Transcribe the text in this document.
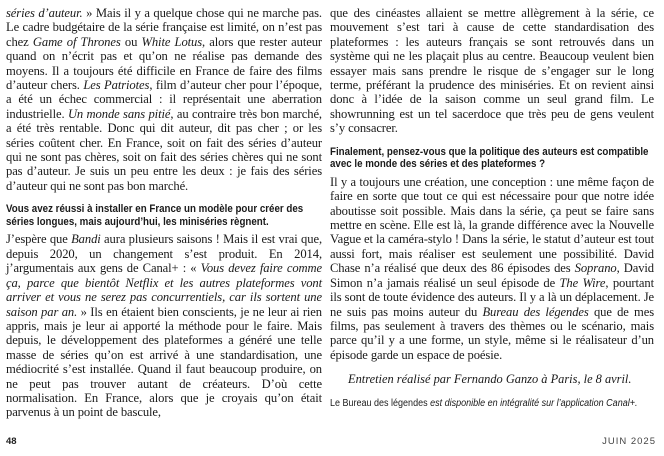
séries d’auteur. » Mais il y a quelque chose qui ne marche pas. Le cadre budgétaire de la série française est limité, on n’est pas chez Game of Thrones ou White Lotus, alors que rester auteur quand on n’écrit pas et qu’on ne réalise pas demande des moyens. Il a toujours été difficile en France de faire des films d’auteur chers. Les Patriotes, film d’auteur cher pour l’époque, a été un échec commercial : il représentait une aberration industrielle. Un monde sans pitié, au contraire très bon marché, a été très rentable. Donc qui dit auteur, dit pas cher ; or les séries coûtent cher. En France, soit on fait des séries d’auteur qui ne sont pas chères, soit on fait des séries chères qui ne sont pas d’auteur. Je suis un peu entre les deux : je fais des séries d’auteur qui ne sont pas bon marché.

Vous avez réussi à installer en France un modèle pour créer des séries longues, mais aujourd’hui, les miniséries règnent.

J’espère que Bandi aura plusieurs saisons ! Mais il est vrai que, depuis 2020, un changement s’est produit. En 2014, j’argumentais aux gens de Canal+ : « Vous devez faire comme ça, parce que bientôt Netflix et les autres plateformes vont arriver et vous ne serez pas concurrentiels, car ils sortent une saison par an. » Ils en étaient bien conscients, je ne leur ai rien appris, mais je leur ai apporté la méthode pour le faire. Mais depuis, le développement des plateformes a généré une telle masse de séries qu’on est arrivé à une standardisation, une médiocrité s’est installée. Quand il faut beaucoup produire, on ne peut pas trouver autant de créateurs. D’où cette normalisation. En France, alors que je croyais qu’on était parvenus à un point de bascule,

que des cinéastes allaient se mettre allègrement à la série, ce mouvement s’est tari à cause de cette standardisation des plateformes : les auteurs français se sont retrouvés dans un système qui ne les plaçait plus au centre. Beaucoup veulent bien essayer mais sans prendre le risque de s’engager sur le long terme, préférant la prudence des miniséries. Et on revient ainsi donc à l’idée de la saison comme un seul grand film. Le showrunning est un tel sacerdoce que très peu de gens veulent s’y consacrer.

Finalement, pensez-vous que la politique des auteurs est compatible avec le monde des séries et des plateformes ?

Il y a toujours une création, une conception : une même façon de faire en sorte que tout ce qui est nécessaire pour que notre idée aboutisse soit possible. Mais dans la série, ça peut se faire sans mettre en scène. Elle est là, la grande différence avec la Nouvelle Vague et la caméra-stylo ! Dans la série, le statut d’auteur est tout aussi fort, mais réaliser est seulement une possibilité. David Chase n’a réalisé que deux des 86 épisodes des Soprano, David Simon n’a jamais réalisé un seul épisode de The Wire, pourtant ils sont de toute évidence des auteurs. Il y a là un déplacement. Je ne suis pas moins auteur du Bureau des légendes que de mes films, pas seulement à travers des thèmes ou le scénario, mais parce qu’il y a une forme, un style, même si le réalisateur d’un épisode garde un espace de poésie.

Entretien réalisé par Fernando Ganzo à Paris, le 8 avril.

Le Bureau des légendes est disponible en intégralité sur l’application Canal+.

48	JUIN 2025
